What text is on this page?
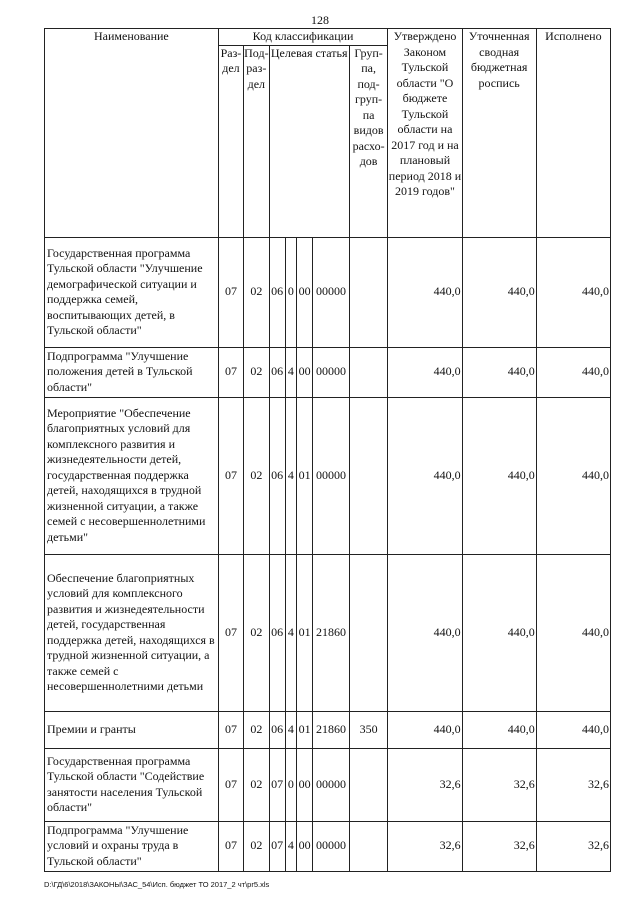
128
Наименование	Код классификации							Утверждено Законом Тульской области "О бюджете Тульской области на 2017 год и на плановый период 2018 и 2019 годов"	Уточненная сводная бюджетная роспись	Исполнено
	Раз-дел	Под-раз-дел	Целевая статья				Груп-па, под-груп-па видов расхо-дов			
Государственная программа Тульской области "Улучшение демографической ситуации и поддержка семей, воспитывающих детей, в Тульской области"	07	02	06	0	00	00000		440,0	440,0	440,0
Подпрограмма "Улучшение положения детей в Тульской области"	07	02	06	4	00	00000		440,0	440,0	440,0
Мероприятие "Обеспечение благоприятных условий для комплексного развития и жизнедеятельности детей, государственная поддержка детей, находящихся в трудной жизненной ситуации, а также семей с несовершеннолетними детьми"	07	02	06	4	01	00000		440,0	440,0	440,0
Обеспечение благоприятных условий для комплексного развития и жизнедеятельности детей, государственная поддержка детей, находящихся в трудной жизненной ситуации, а также семей с несовершеннолетними детьми	07	02	06	4	01	21860		440,0	440,0	440,0
Премии и гранты	07	02	06	4	01	21860	350	440,0	440,0	440,0
Государственная программа Тульской области "Содействие занятости населения Тульской области"	07	02	07	0	00	00000		32,6	32,6	32,6
Подпрограмма "Улучшение условий и охраны труда в Тульской области"	07	02	07	4	00	00000		32,6	32,6	32,6
D:\ГД\6\2018\ЗАКОНЫ\ЗАС_54\Исп. бюджет ТО 2017_2 чт\pr5.xls
